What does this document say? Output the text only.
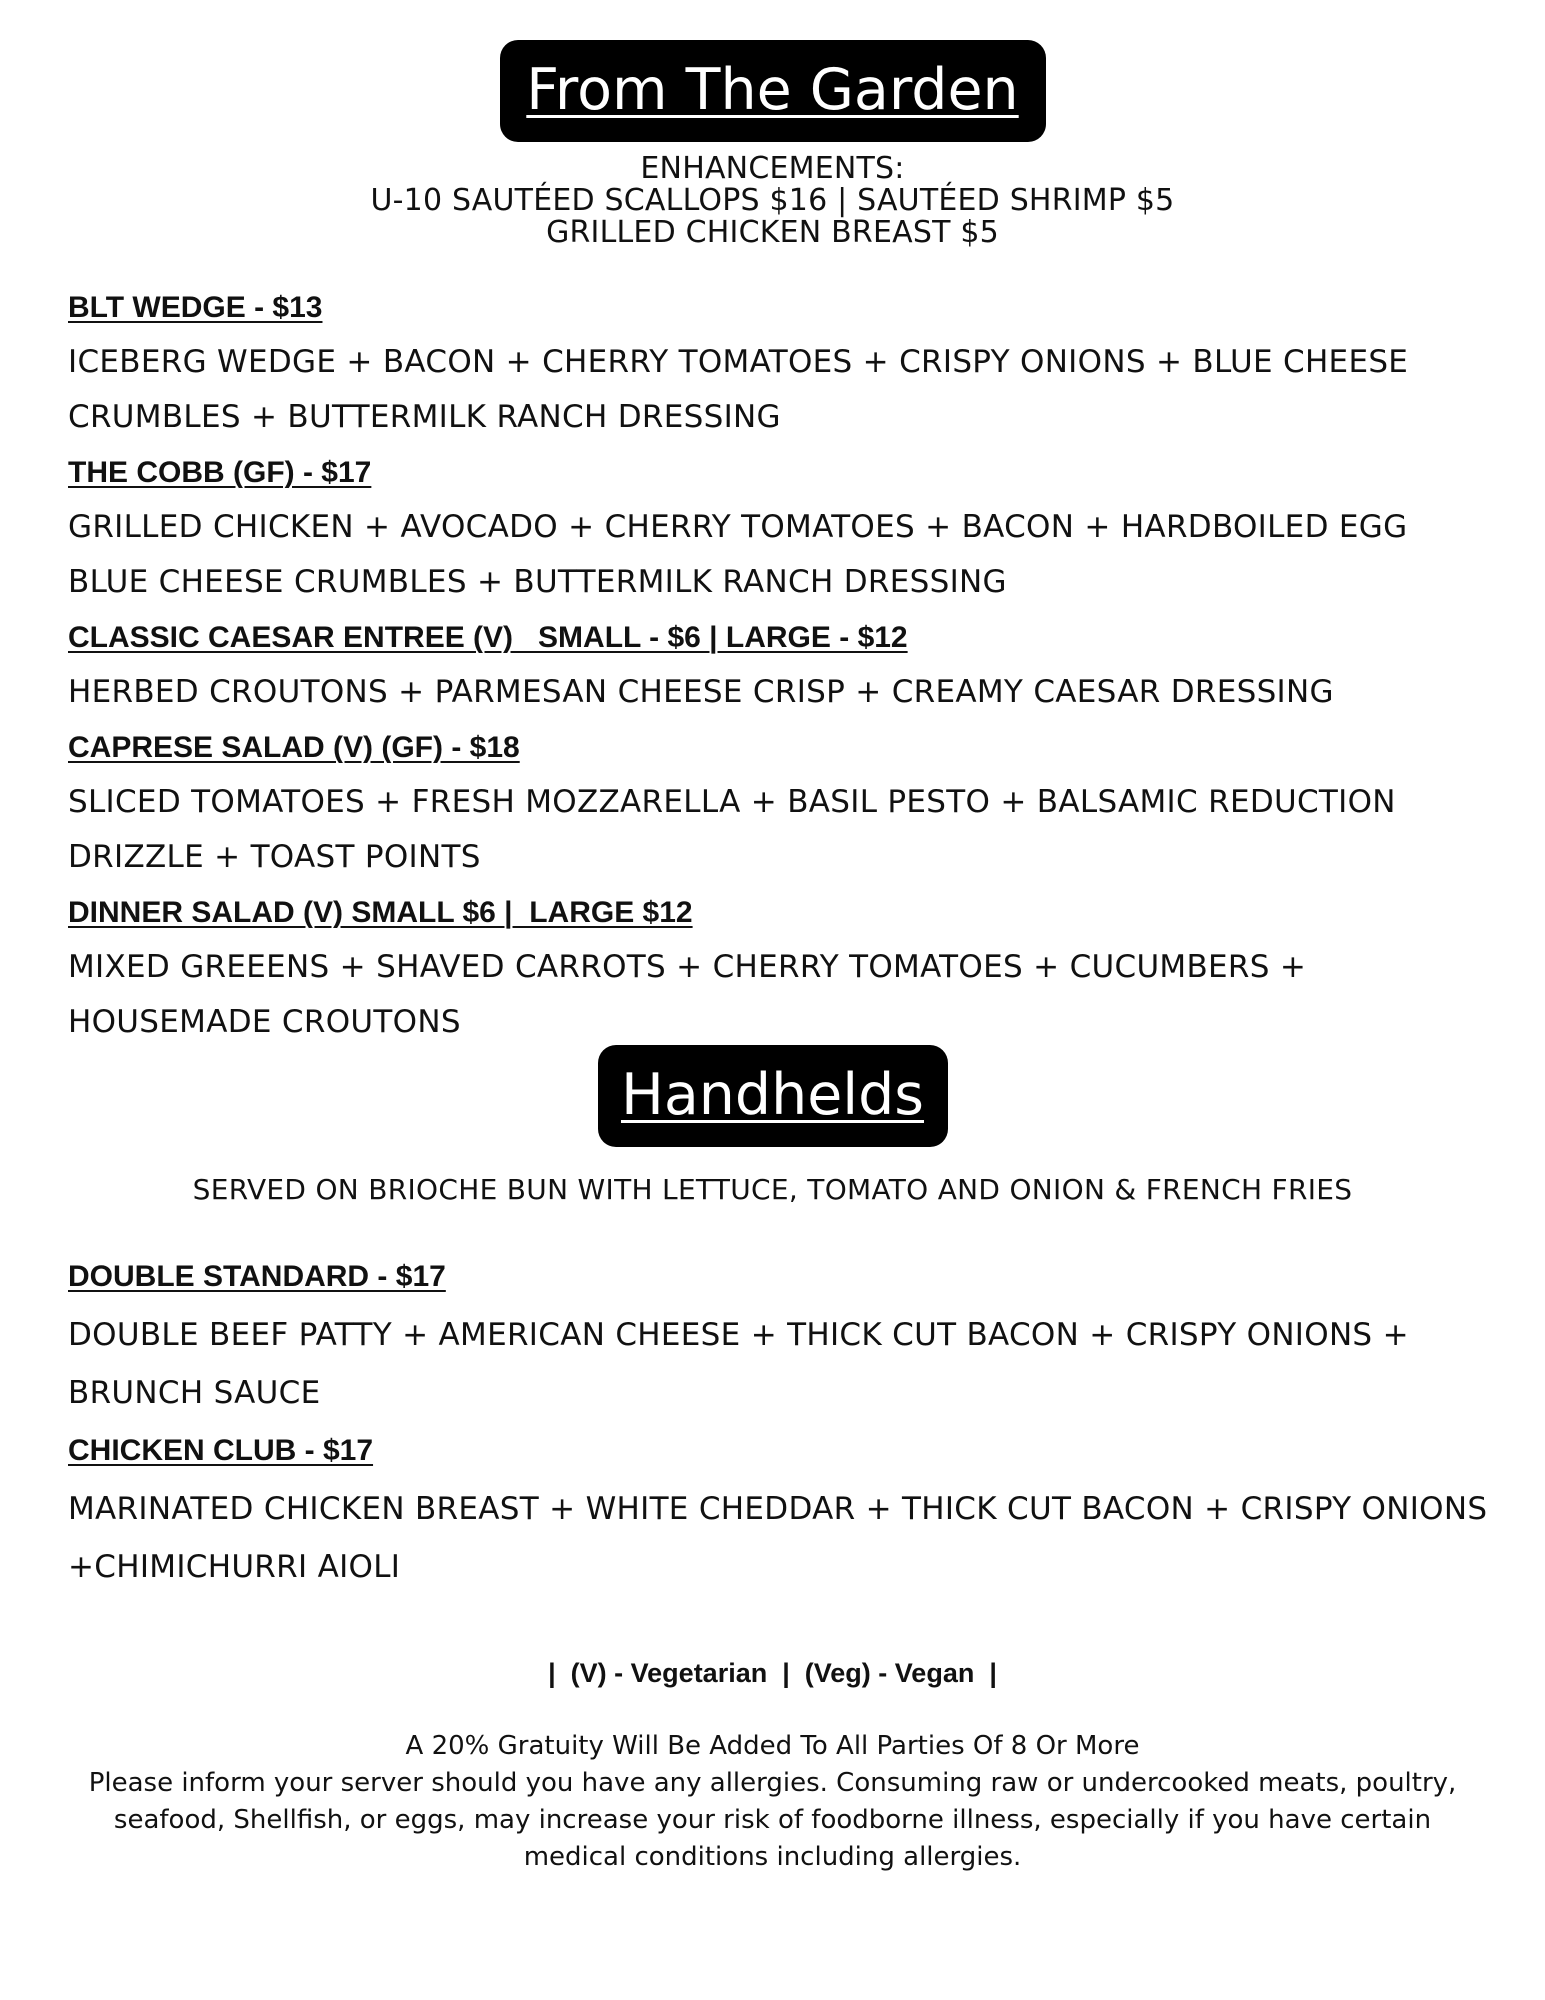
From The Garden
ENHANCEMENTS:
U-10 SAUTÉED SCALLOPS $16 | SAUTÉED SHRIMP $5
GRILLED CHICKEN BREAST $5
BLT WEDGE - $13
ICEBERG WEDGE + BACON + CHERRY TOMATOES + CRISPY ONIONS + BLUE CHEESE
CRUMBLES + BUTTERMILK RANCH DRESSING
THE COBB (GF) - $17
GRILLED CHICKEN + AVOCADO + CHERRY TOMATOES + BACON + HARDBOILED EGG
BLUE CHEESE CRUMBLES + BUTTERMILK RANCH DRESSING
CLASSIC CAESAR ENTREE (V)   SMALL - $6 | LARGE - $12
HERBED CROUTONS + PARMESAN CHEESE CRISP + CREAMY CAESAR DRESSING
CAPRESE SALAD (V) (GF) - $18
SLICED TOMATOES + FRESH MOZZARELLA + BASIL PESTO + BALSAMIC REDUCTION
DRIZZLE + TOAST POINTS
DINNER SALAD (V) SMALL $6 |  LARGE $12
MIXED GREEENS + SHAVED CARROTS + CHERRY TOMATOES + CUCUMBERS +
HOUSEMADE CROUTONS
Handhelds
SERVED ON BRIOCHE BUN WITH LETTUCE, TOMATO AND ONION & FRENCH FRIES
DOUBLE STANDARD - $17
DOUBLE BEEF PATTY + AMERICAN CHEESE + THICK CUT BACON + CRISPY ONIONS +
BRUNCH SAUCE
CHICKEN CLUB - $17
MARINATED CHICKEN BREAST + WHITE CHEDDAR + THICK CUT BACON + CRISPY ONIONS
+CHIMICHURRI AIOLI
|  (V) - Vegetarian  |  (Veg) - Vegan  |
A 20% Gratuity Will Be Added To All Parties Of 8 Or More
Please inform your server should you have any allergies. Consuming raw or undercooked meats, poultry, seafood, Shellfish, or eggs, may increase your risk of foodborne illness, especially if you have certain medical conditions including allergies.
